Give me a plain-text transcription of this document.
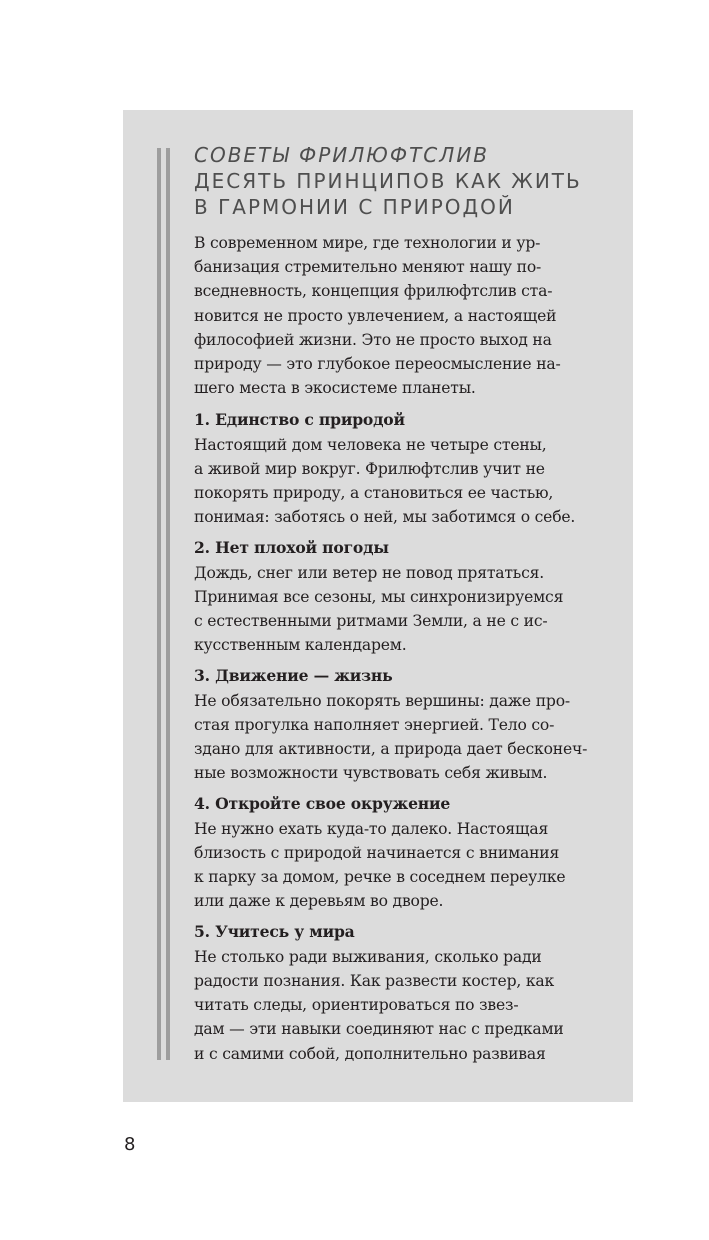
СОВЕТЫ ФРИЛЮФТСЛИВ

ДЕСЯТЬ ПРИНЦИПОВ КАК ЖИТЬ

В ГАРМОНИИ С ПРИРОДОЙ

В современном мире, где технологии и ур-

банизация стремительно меняют нашу по-

вседневность, концепция фрилюфтслив ста-

новится не просто увлечением, а настоящей

философией жизни. Это не просто выход на

природу — это глубокое переосмысление на-

шего места в экосистеме планеты.

1. Единство с природой

Настоящий дом человека не четыре стены,

а живой мир вокруг. Фрилюфтслив учит не

покорять природу, а становиться ее частью,

понимая: заботясь о ней, мы заботимся о себе.

2. Нет плохой погоды

Дождь, снег или ветер не повод прятаться.

Принимая все сезоны, мы синхронизируемся

с естественными ритмами Земли, а не с ис-

кусственным календарем.

3. Движение — жизнь

Не обязательно покорять вершины: даже про-

стая прогулка наполняет энергией. Тело со-

здано для активности, а природа дает бесконеч-

ные возможности чувствовать себя живым.

4. Откройте свое окружение

Не нужно ехать куда-то далеко. Настоящая

близость с природой начинается с внимания

к парку за домом, речке в соседнем переулке

или даже к деревьям во дворе.

5. Учитесь у мира

Не столько ради выживания, сколько ради

радости познания. Как развести костер, как

читать следы, ориентироваться по звез-

дам — эти навыки соединяют нас с предками

и с самими собой, дополнительно развивая

8
